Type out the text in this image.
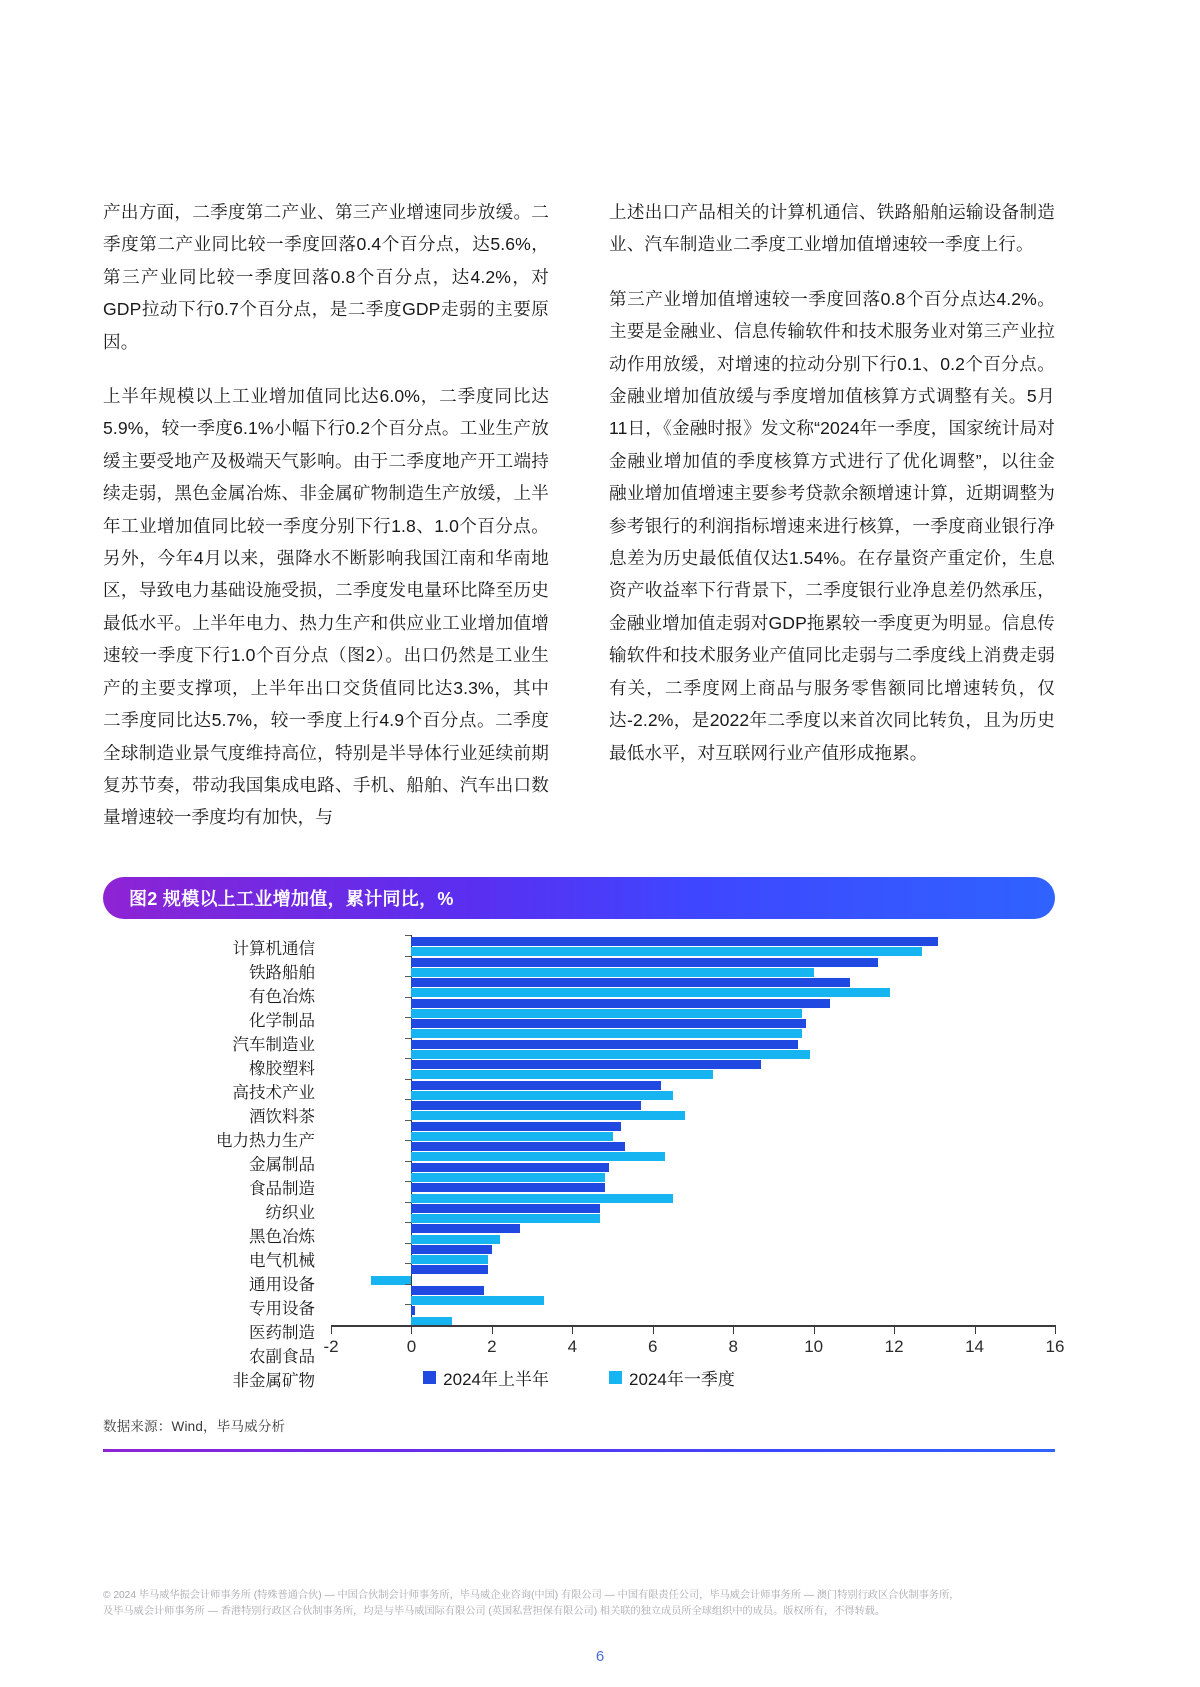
产出方面，二季度第二产业、第三产业增速同步放缓。二季度第二产业同比较一季度回落0.4个百分点，达5.6%，第三产业同比较一季度回落0.8个百分点，达4.2%，对GDP拉动下行0.7个百分点，是二季度GDP走弱的主要原因。

上半年规模以上工业增加值同比达6.0%，二季度同比达5.9%，较一季度6.1%小幅下行0.2个百分点。工业生产放缓主要受地产及极端天气影响。由于二季度地产开工端持续走弱，黑色金属冶炼、非金属矿物制造生产放缓，上半年工业增加值同比较一季度分别下行1.8、1.0个百分点。另外，今年4月以来，强降水不断影响我国江南和华南地区，导致电力基础设施受损，二季度发电量环比降至历史最低水平。上半年电力、热力生产和供应业工业增加值增速较一季度下行1.0个百分点（图2）。出口仍然是工业生产的主要支撑项，上半年出口交货值同比达3.3%，其中二季度同比达5.7%，较一季度上行4.9个百分点。二季度全球制造业景气度维持高位，特别是半导体行业延续前期复苏节奏，带动我国集成电路、手机、船舶、汽车出口数量增速较一季度均有加快，与

上述出口产品相关的计算机通信、铁路船舶运输设备制造业、汽车制造业二季度工业增加值增速较一季度上行。

第三产业增加值增速较一季度回落0.8个百分点达4.2%。主要是金融业、信息传输软件和技术服务业对第三产业拉动作用放缓，对增速的拉动分别下行0.1、0.2个百分点。金融业增加值放缓与季度增加值核算方式调整有关。5月11日，《金融时报》发文称“2024年一季度，国家统计局对金融业增加值的季度核算方式进行了优化调整”，以往金融业增加值增速主要参考贷款余额增速计算，近期调整为参考银行的利润指标增速来进行核算，一季度商业银行净息差为历史最低值仅达1.54%。在存量资产重定价，生息资产收益率下行背景下，二季度银行业净息差仍然承压，金融业增加值走弱对GDP拖累较一季度更为明显。信息传输软件和技术服务业产值同比走弱与二季度线上消费走弱有关，二季度网上商品与服务零售额同比增速转负，仅达-2.2%，是2022年二季度以来首次同比转负，且为历史最低水平，对互联网行业产值形成拖累。

图2 规模以上工业增加值，累计同比，%
计算机通信
铁路船舶
有色冶炼
化学制品
汽车制造业
橡胶塑料
高技术产业
酒饮料茶
电力热力生产
金属制品
食品制造
纺织业
黑色冶炼
电气机械
通用设备
专用设备
医药制造
农副食品
非金属矿物
-2	0	2	4	6	8	10	12	14	16
2024年上半年	2024年一季度
数据来源：Wind，毕马威分析
© 2024 毕马威华振会计师事务所 (特殊普通合伙) — 中国合伙制会计师事务所，毕马威企业咨询(中国) 有限公司 — 中国有限责任公司，毕马威会计师事务所 — 澳门特别行政区合伙制事务所，
及毕马威会计师事务所 — 香港特别行政区合伙制事务所，均是与毕马威国际有限公司 (英国私营担保有限公司) 相关联的独立成员所全球组织中的成员。版权所有，不得转载。
6
